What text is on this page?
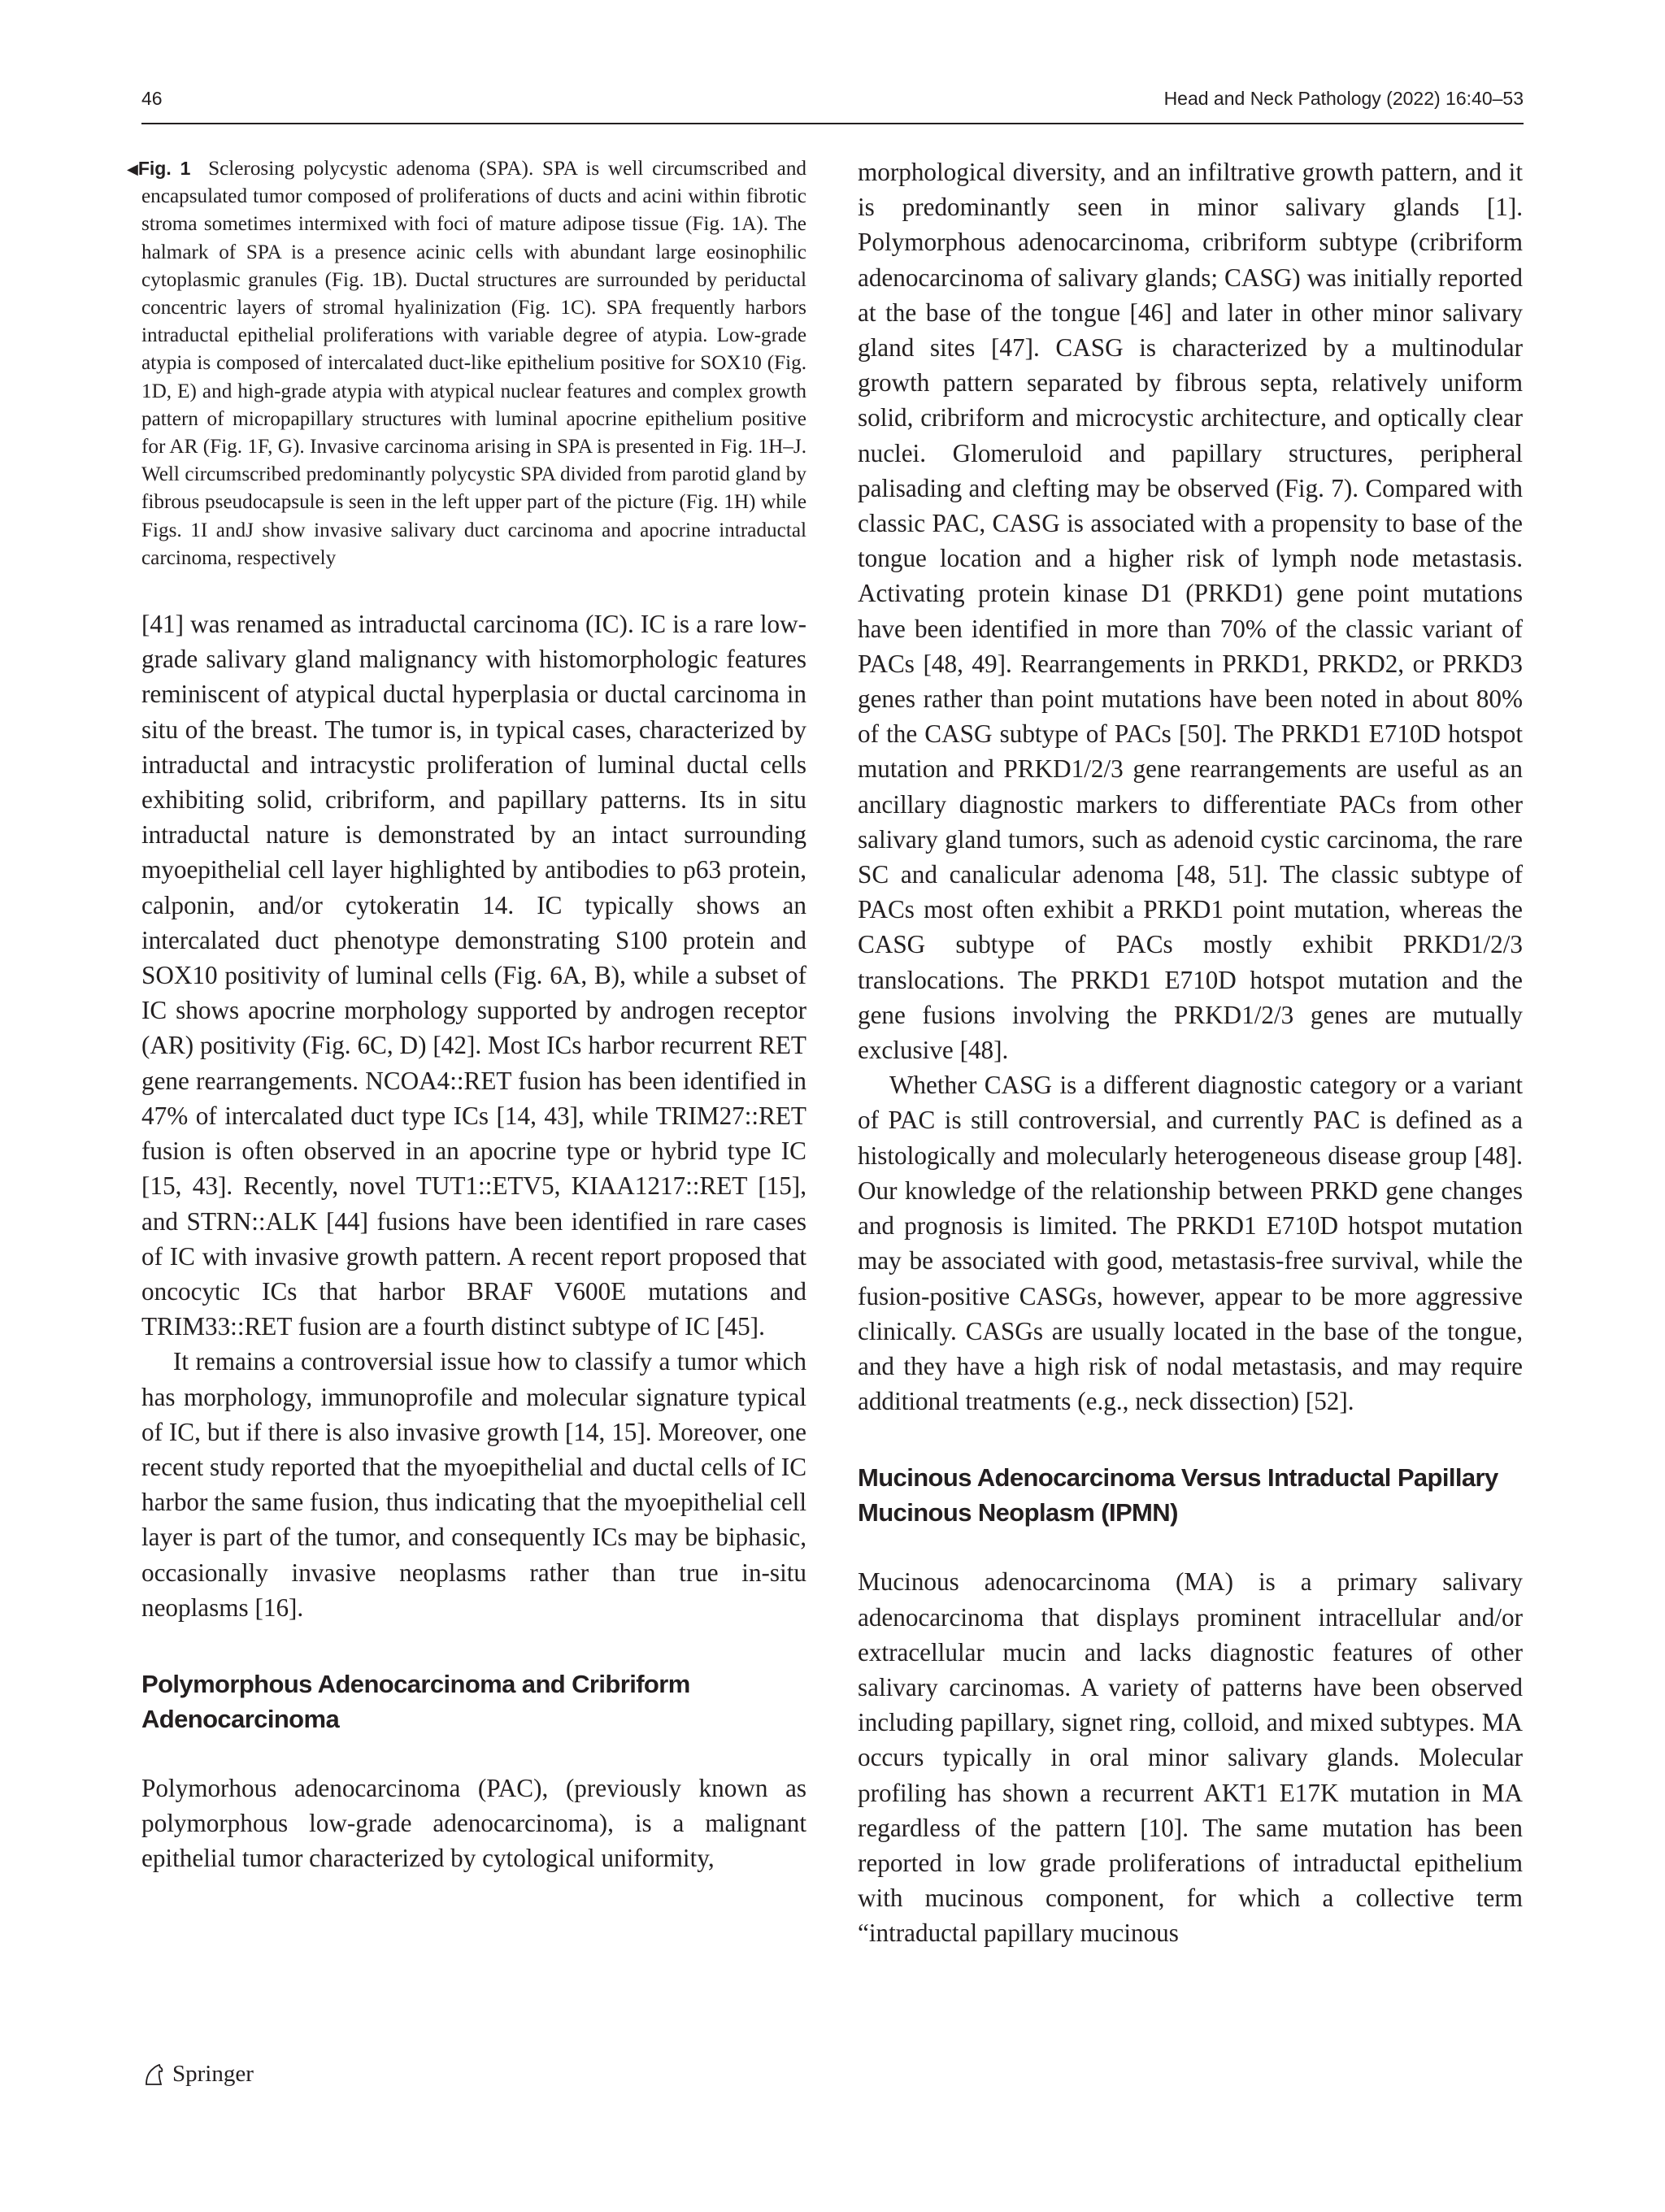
46	Head and Neck Pathology (2022) 16:40–53
◀Fig. 1 Sclerosing polycystic adenoma (SPA). SPA is well circumscribed and encapsulated tumor composed of proliferations of ducts and acini within fibrotic stroma sometimes intermixed with foci of mature adipose tissue (Fig. 1A). The halmark of SPA is a presence acinic cells with abundant large eosinophilic cytoplasmic granules (Fig. 1B). Ductal structures are surrounded by periductal concentric layers of stromal hyalinization (Fig. 1C). SPA frequently harbors intraductal epithelial proliferations with variable degree of atypia. Low-grade atypia is composed of intercalated duct-like epithelium positive for SOX10 (Fig. 1D, E) and high-grade atypia with atypical nuclear features and complex growth pattern of micropapillary structures with luminal apocrine epithelium positive for AR (Fig. 1F, G). Invasive carcinoma arising in SPA is presented in Fig. 1H–J. Well circumscribed predominantly polycystic SPA divided from parotid gland by fibrous pseudocapsule is seen in the left upper part of the picture (Fig. 1H) while Figs. 1I andJ show invasive salivary duct carcinoma and apocrine intraductal carcinoma, respectively

[41] was renamed as intraductal carcinoma (IC). IC is a rare low-grade salivary gland malignancy with histomorphologic features reminiscent of atypical ductal hyperplasia or ductal carcinoma in situ of the breast. The tumor is, in typical cases, characterized by intraductal and intracystic proliferation of luminal ductal cells exhibiting solid, cribriform, and papillary patterns. Its in situ intraductal nature is demonstrated by an intact surrounding myoepithelial cell layer highlighted by antibodies to p63 protein, calponin, and/or cytokeratin 14. IC typically shows an intercalated duct phenotype demonstrating S100 protein and SOX10 positivity of luminal cells (Fig. 6A, B), while a subset of IC shows apocrine morphology supported by androgen receptor (AR) positivity (Fig. 6C, D) [42]. Most ICs harbor recurrent RET gene rearrangements. NCOA4::RET fusion has been identified in 47% of intercalated duct type ICs [14, 43], while TRIM27::RET fusion is often observed in an apocrine type or hybrid type IC [15, 43]. Recently, novel TUT1::ETV5, KIAA1217::RET [15], and STRN::ALK [44] fusions have been identified in rare cases of IC with invasive growth pattern. A recent report proposed that oncocytic ICs that harbor BRAF V600E mutations and TRIM33::RET fusion are a fourth distinct subtype of IC [45].

It remains a controversial issue how to classify a tumor which has morphology, immunoprofile and molecular signature typical of IC, but if there is also invasive growth [14, 15]. Moreover, one recent study reported that the myoepithelial and ductal cells of IC harbor the same fusion, thus indicating that the myoepithelial cell layer is part of the tumor, and consequently ICs may be biphasic, occasionally invasive neoplasms rather than true in-situ neoplasms [16].

Polymorphous Adenocarcinoma and Cribriform Adenocarcinoma

Polymorhous adenocarcinoma (PAC), (previously known as polymorphous low-grade adenocarcinoma), is a malignant epithelial tumor characterized by cytological uniformity,

morphological diversity, and an infiltrative growth pattern, and it is predominantly seen in minor salivary glands [1]. Polymorphous adenocarcinoma, cribriform subtype (cribriform adenocarcinoma of salivary glands; CASG) was initially reported at the base of the tongue [46] and later in other minor salivary gland sites [47]. CASG is characterized by a multinodular growth pattern separated by fibrous septa, relatively uniform solid, cribriform and microcystic architecture, and optically clear nuclei. Glomeruloid and papillary structures, peripheral palisading and clefting may be observed (Fig. 7). Compared with classic PAC, CASG is associated with a propensity to base of the tongue location and a higher risk of lymph node metastasis. Activating protein kinase D1 (PRKD1) gene point mutations have been identified in more than 70% of the classic variant of PACs [48, 49]. Rearrangements in PRKD1, PRKD2, or PRKD3 genes rather than point mutations have been noted in about 80% of the CASG subtype of PACs [50]. The PRKD1 E710D hotspot mutation and PRKD1/2/3 gene rearrangements are useful as an ancillary diagnostic markers to differentiate PACs from other salivary gland tumors, such as adenoid cystic carcinoma, the rare SC and canalicular adenoma [48, 51]. The classic subtype of PACs most often exhibit a PRKD1 point mutation, whereas the CASG subtype of PACs mostly exhibit PRKD1/2/3 translocations. The PRKD1 E710D hotspot mutation and the gene fusions involving the PRKD1/2/3 genes are mutually exclusive [48].

Whether CASG is a different diagnostic category or a variant of PAC is still controversial, and currently PAC is defined as a histologically and molecularly heterogeneous disease group [48]. Our knowledge of the relationship between PRKD gene changes and prognosis is limited. The PRKD1 E710D hotspot mutation may be associated with good, metastasis-free survival, while the fusion-positive CASGs, however, appear to be more aggressive clinically. CASGs are usually located in the base of the tongue, and they have a high risk of nodal metastasis, and may require additional treatments (e.g., neck dissection) [52].

Mucinous Adenocarcinoma Versus Intraductal Papillary Mucinous Neoplasm (IPMN)

Mucinous adenocarcinoma (MA) is a primary salivary adenocarcinoma that displays prominent intracellular and/or extracellular mucin and lacks diagnostic features of other salivary carcinomas. A variety of patterns have been observed including papillary, signet ring, colloid, and mixed subtypes. MA occurs typically in oral minor salivary glands. Molecular profiling has shown a recurrent AKT1 E17K mutation in MA regardless of the pattern [10]. The same mutation has been reported in low grade proliferations of intraductal epithelium with mucinous component, for which a collective term “intraductal papillary mucinous

Springer
